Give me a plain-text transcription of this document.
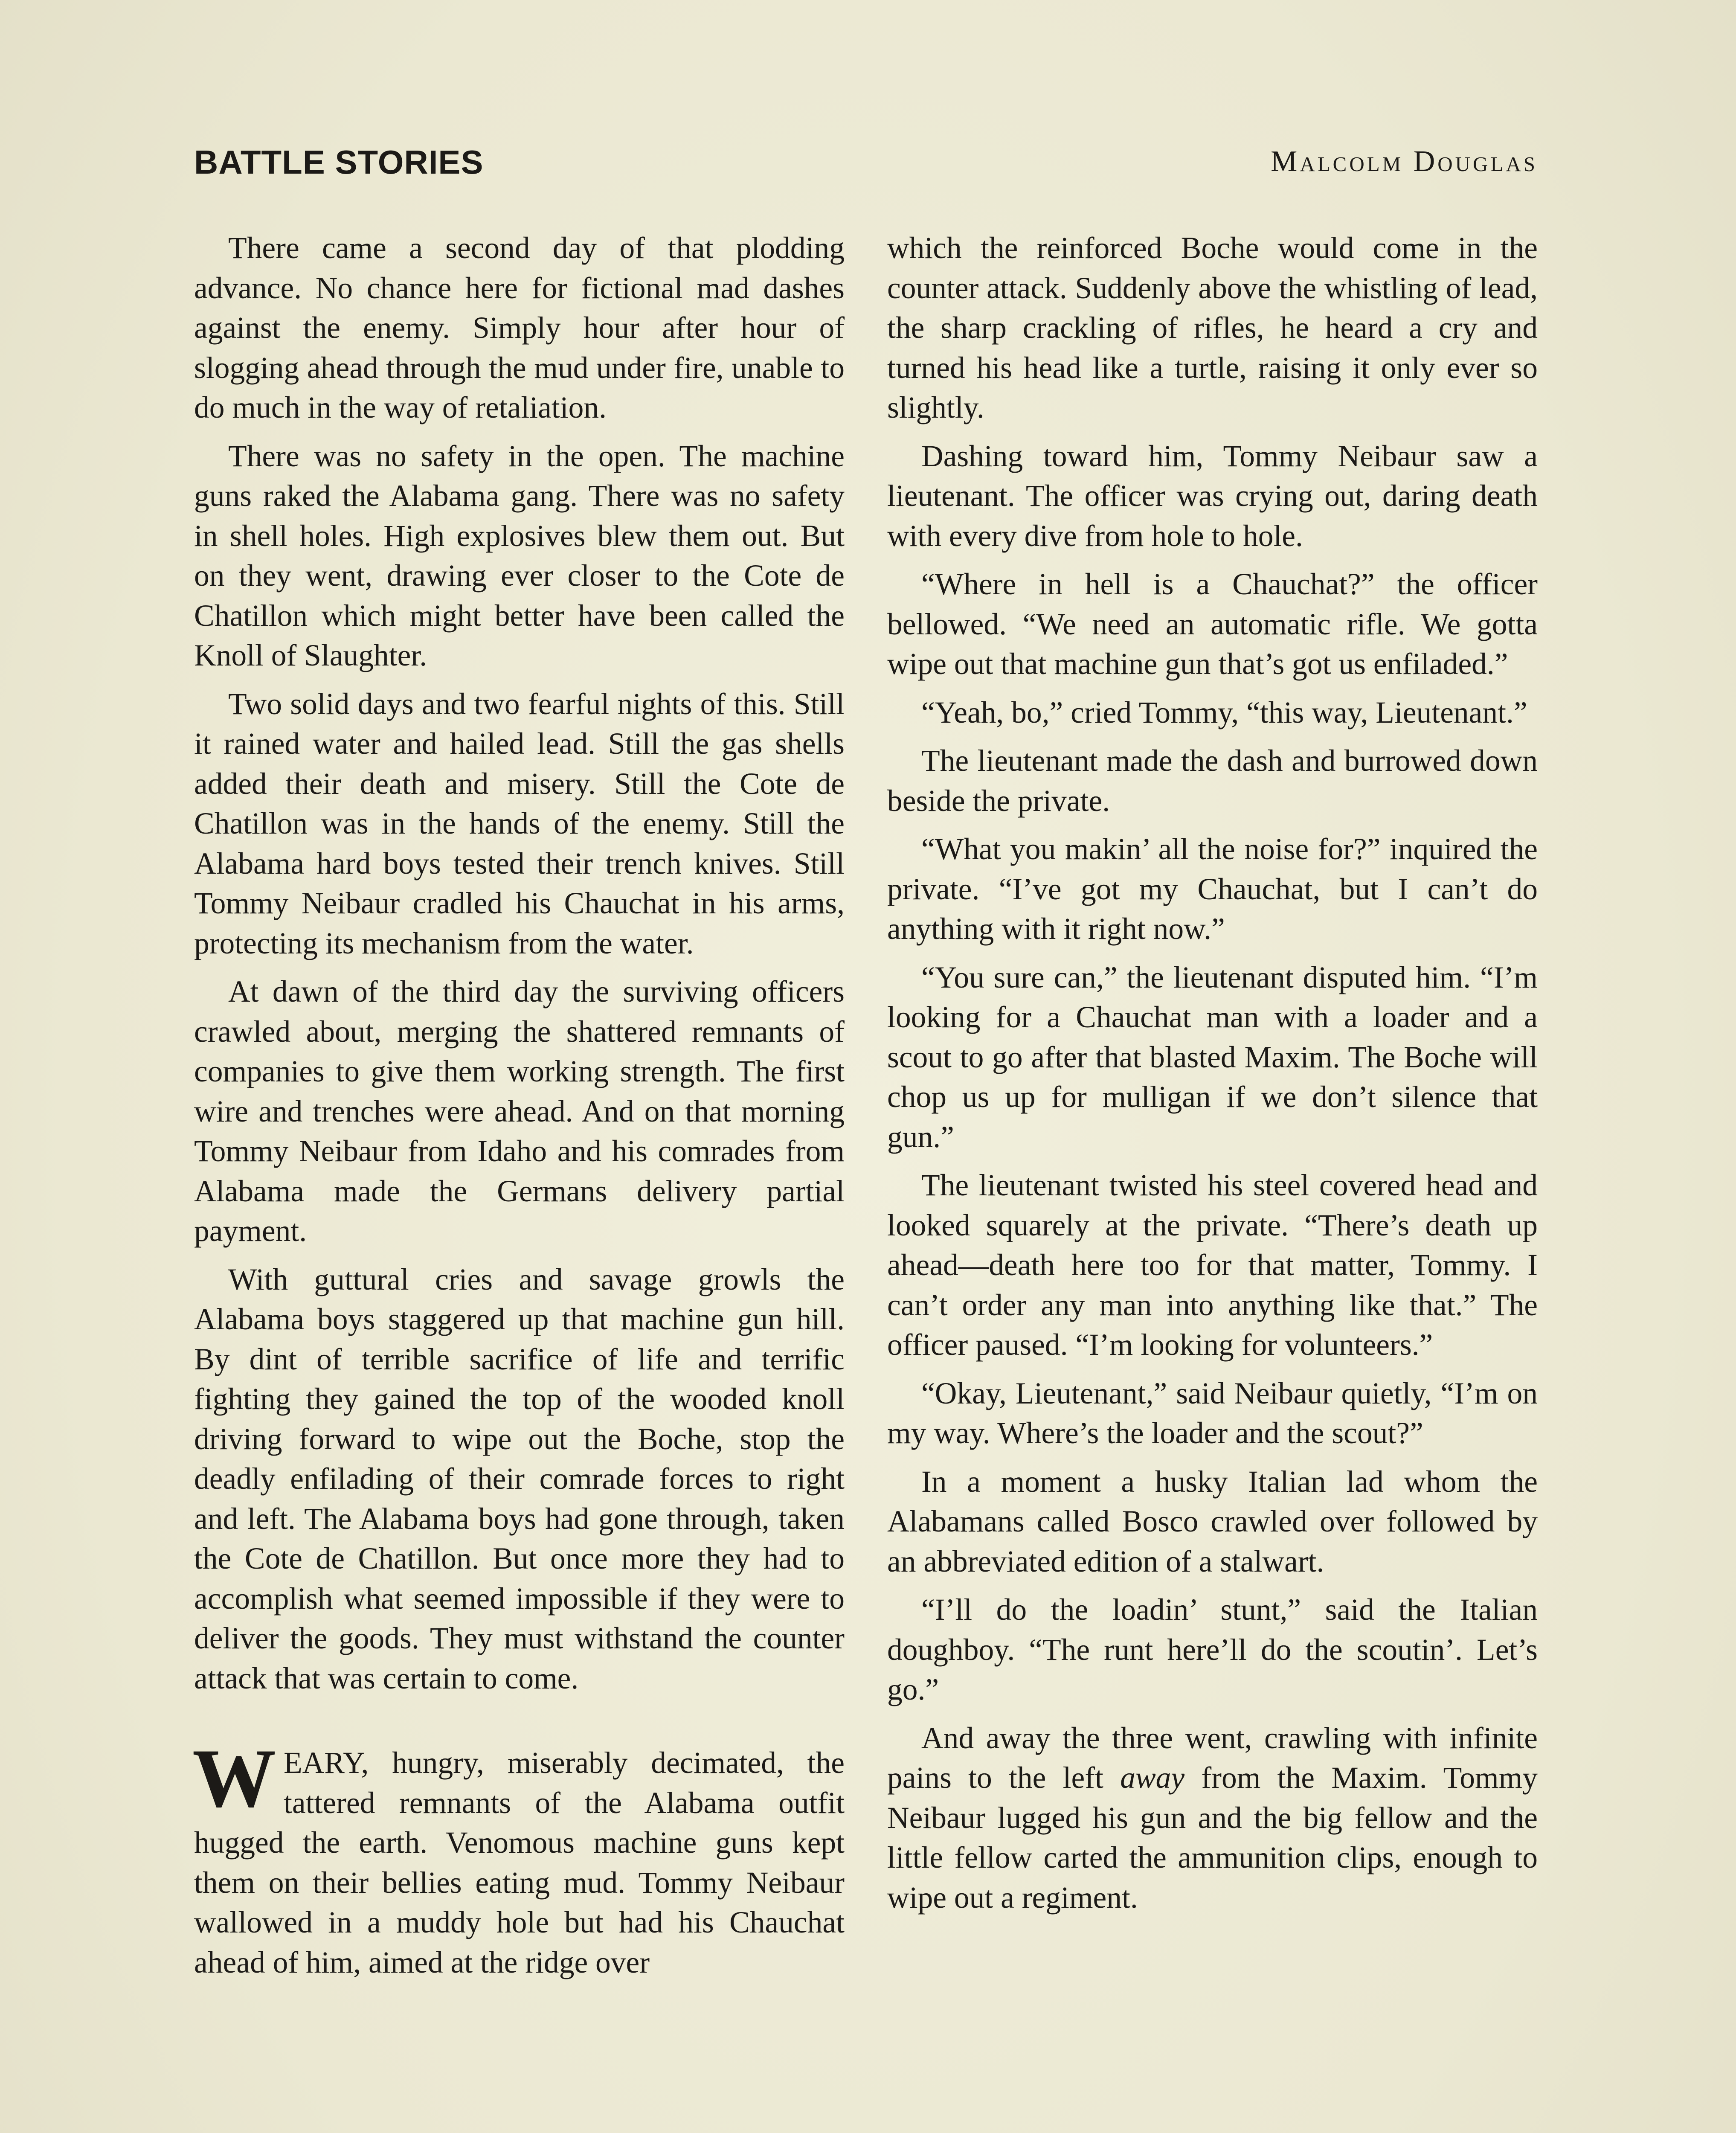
BATTLE STORIES	Malcolm Douglas

There came a second day of that plodding advance. No chance here for fictional mad dashes against the enemy. Simply hour after hour of slogging ahead through the mud under fire, unable to do much in the way of retaliation.

There was no safety in the open. The machine guns raked the Alabama gang. There was no safety in shell holes. High explosives blew them out. But on they went, drawing ever closer to the Cote de Chatillon which might better have been called the Knoll of Slaughter.

Two solid days and two fearful nights of this. Still it rained water and hailed lead. Still the gas shells added their death and misery. Still the Cote de Chatillon was in the hands of the enemy. Still the Alabama hard boys tested their trench knives. Still Tommy Neibaur cradled his Chauchat in his arms, protecting its mechanism from the water.

At dawn of the third day the surviving officers crawled about, merging the shattered remnants of companies to give them working strength. The first wire and trenches were ahead. And on that morning Tommy Neibaur from Idaho and his comrades from Alabama made the Germans delivery partial payment.

With guttural cries and savage growls the Alabama boys staggered up that machine gun hill. By dint of terrible sacrifice of life and terrific fighting they gained the top of the wooded knoll driving forward to wipe out the Boche, stop the deadly enfilading of their comrade forces to right and left. The Alabama boys had gone through, taken the Cote de Chatillon. But once more they had to accomplish what seemed impossible if they were to deliver the goods. They must withstand the counter attack that was certain to come.

WEARY, hungry, miserably decimated, the tattered remnants of the Alabama outfit hugged the earth. Venomous machine guns kept them on their bellies eating mud. Tommy Neibaur wallowed in a muddy hole but had his Chauchat ahead of him, aimed at the ridge over

which the reinforced Boche would come in the counter attack. Suddenly above the whistling of lead, the sharp crackling of rifles, he heard a cry and turned his head like a turtle, raising it only ever so slightly.

Dashing toward him, Tommy Neibaur saw a lieutenant. The officer was crying out, daring death with every dive from hole to hole.

“Where in hell is a Chauchat?” the officer bellowed. “We need an automatic rifle. We gotta wipe out that machine gun that’s got us enfiladed.”

“Yeah, bo,” cried Tommy, “this way, Lieutenant.”

The lieutenant made the dash and burrowed down beside the private.

“What you makin’ all the noise for?” inquired the private. “I’ve got my Chauchat, but I can’t do anything with it right now.”

“You sure can,” the lieutenant disputed him. “I’m looking for a Chauchat man with a loader and a scout to go after that blasted Maxim. The Boche will chop us up for mulligan if we don’t silence that gun.”

The lieutenant twisted his steel covered head and looked squarely at the private. “There’s death up ahead—death here too for that matter, Tommy. I can’t order any man into anything like that.” The officer paused. “I’m looking for volunteers.”

“Okay, Lieutenant,” said Neibaur quietly, “I’m on my way. Where’s the loader and the scout?”

In a moment a husky Italian lad whom the Alabamans called Bosco crawled over followed by an abbreviated edition of a stalwart.

“I’ll do the loadin’ stunt,” said the Italian doughboy. “The runt here’ll do the scoutin’. Let’s go.”

And away the three went, crawling with infinite pains to the left away from the Maxim. Tommy Neibaur lugged his gun and the big fellow and the little fellow carted the ammunition clips, enough to wipe out a regiment.
